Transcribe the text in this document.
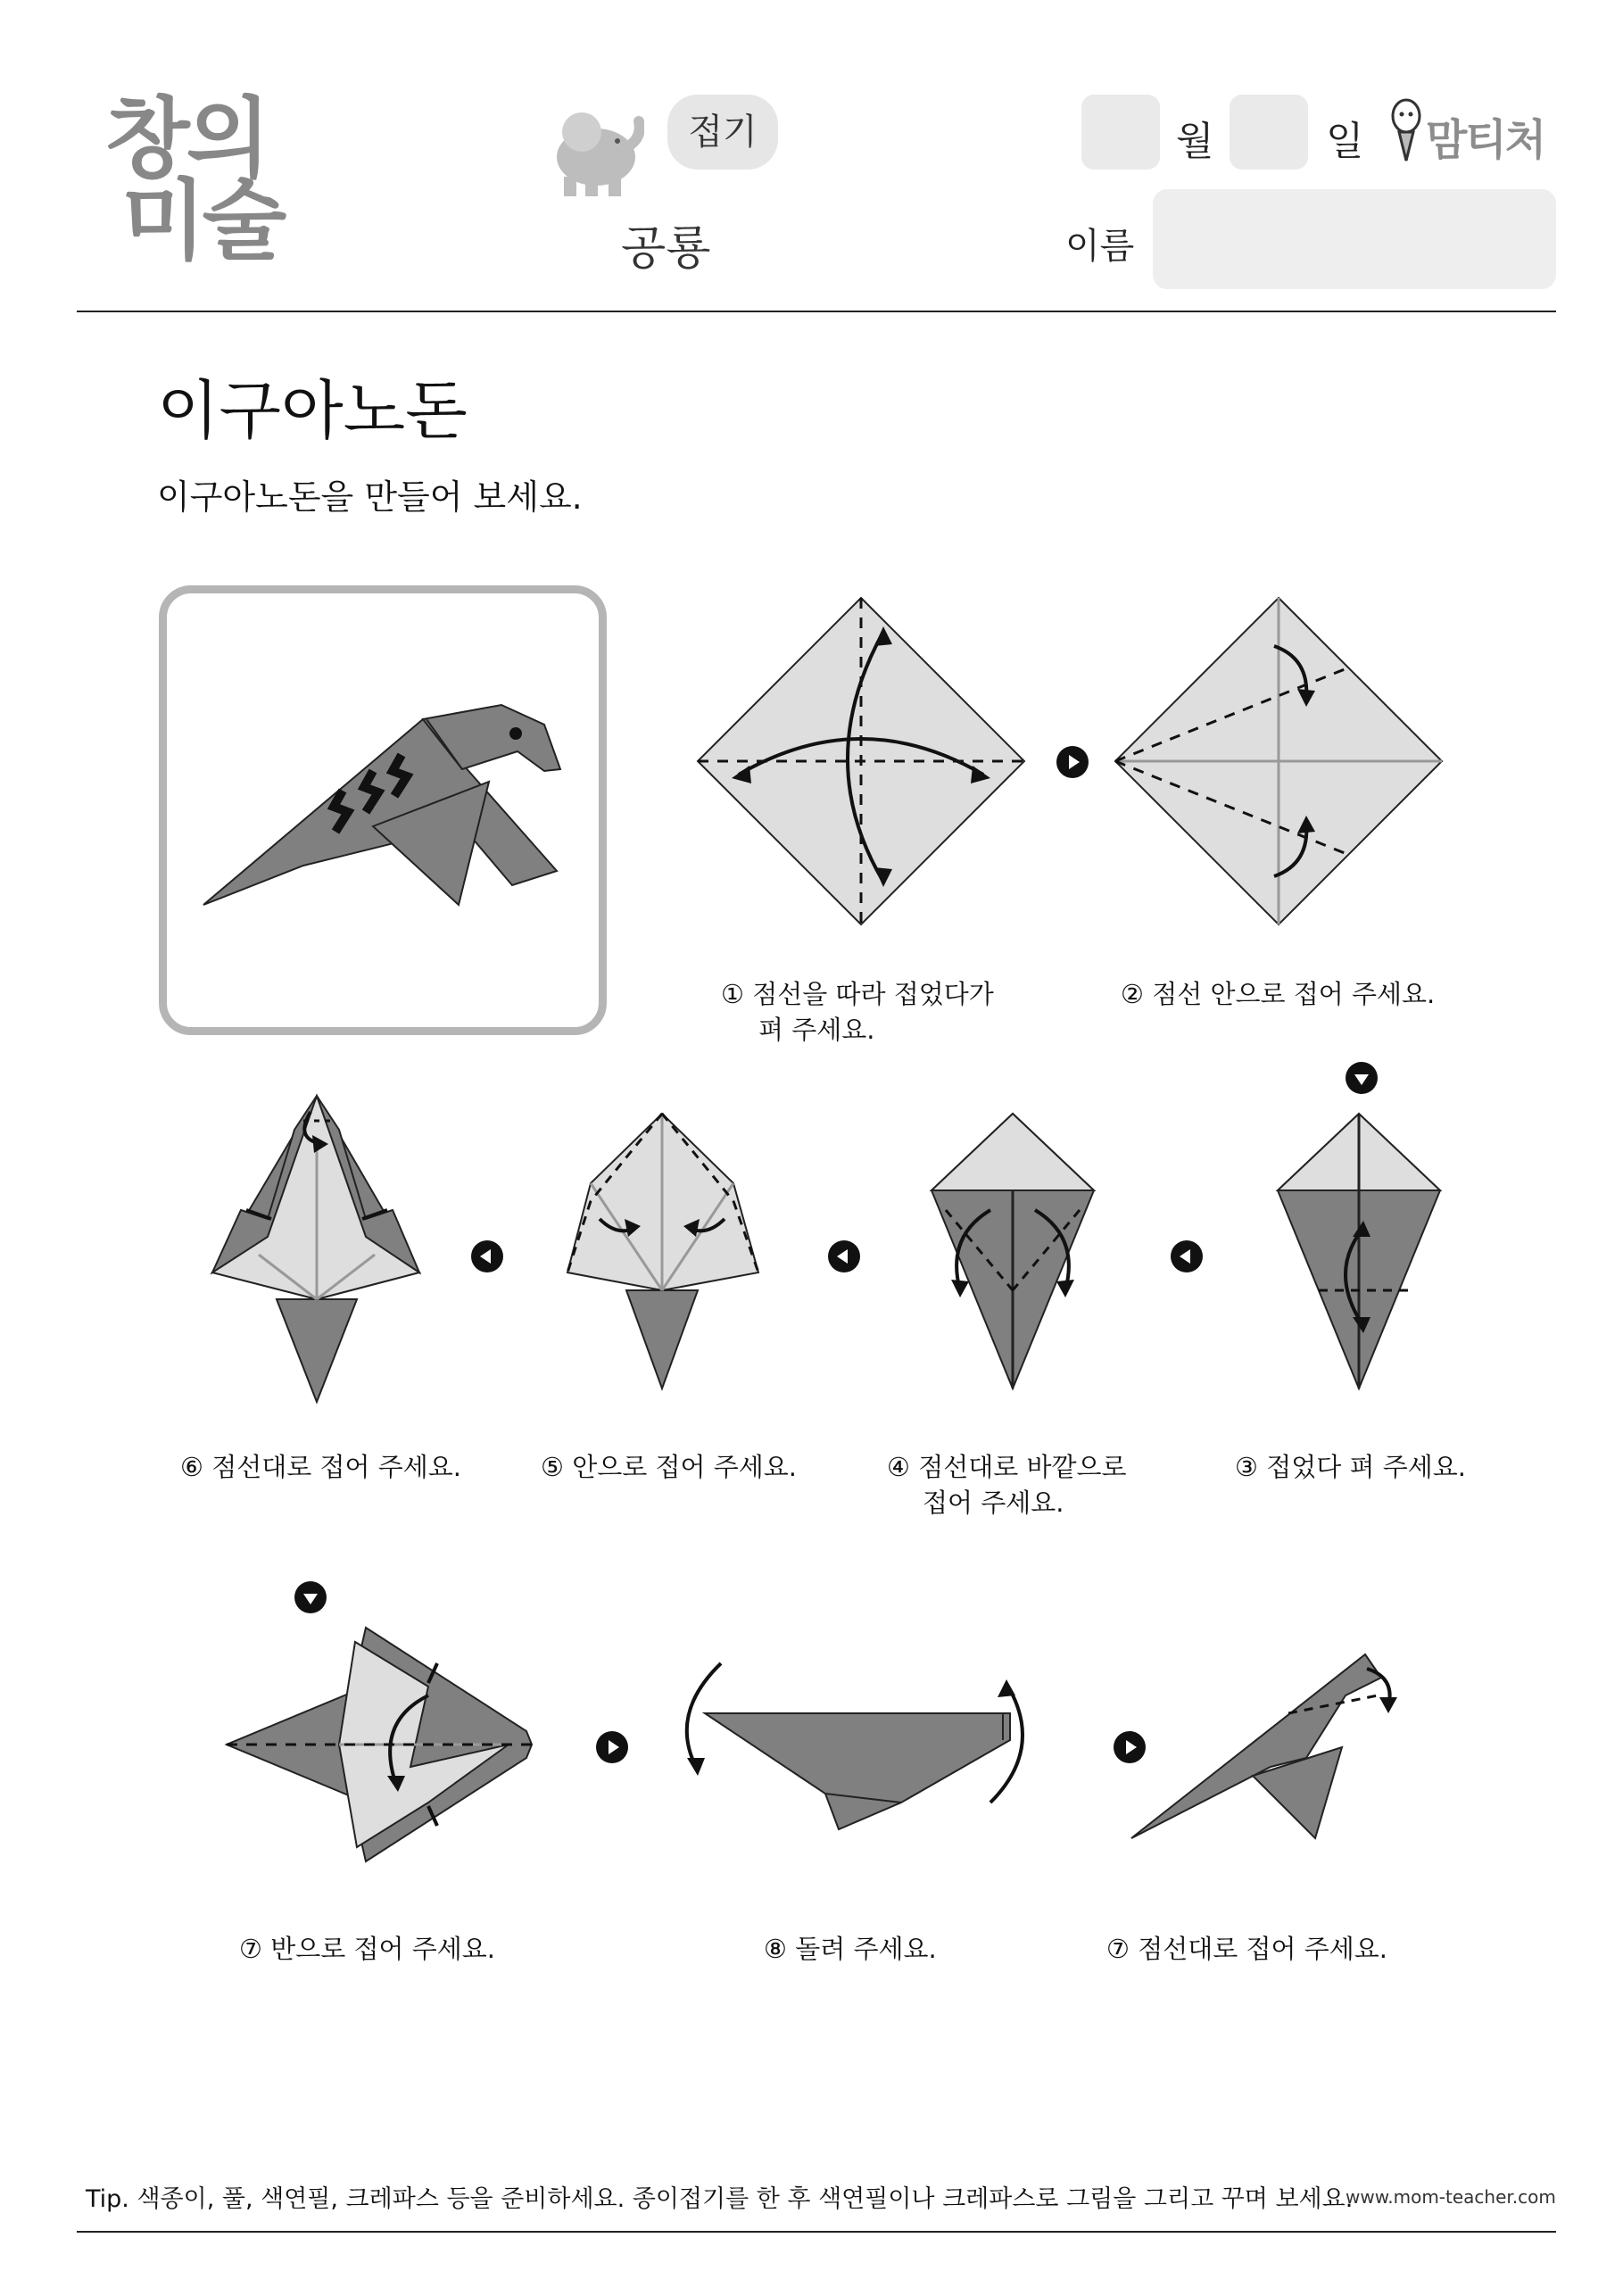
창의
미술
접기
공룡
월	일 맘티처
이름
이구아노돈
이구아노돈을 만들어 보세요.
① 점선을 따라 접었다가
펴 주세요.
② 점선 안으로 접어 주세요.
⑥ 점선대로 접어 주세요.	⑤ 안으로 접어 주세요.	④ 점선대로 바깥으로
접어 주세요.
③ 접었다 펴 주세요.
⑦ 반으로 접어 주세요.	⑧ 돌려 주세요.	⑦ 점선대로 접어 주세요.
Tip. 색종이, 풀, 색연필, 크레파스 등을 준비하세요. 종이접기를 한 후 색연필이나 크레파스로 그림을 그리고 꾸며 보세요.
www.mom-teacher.com
